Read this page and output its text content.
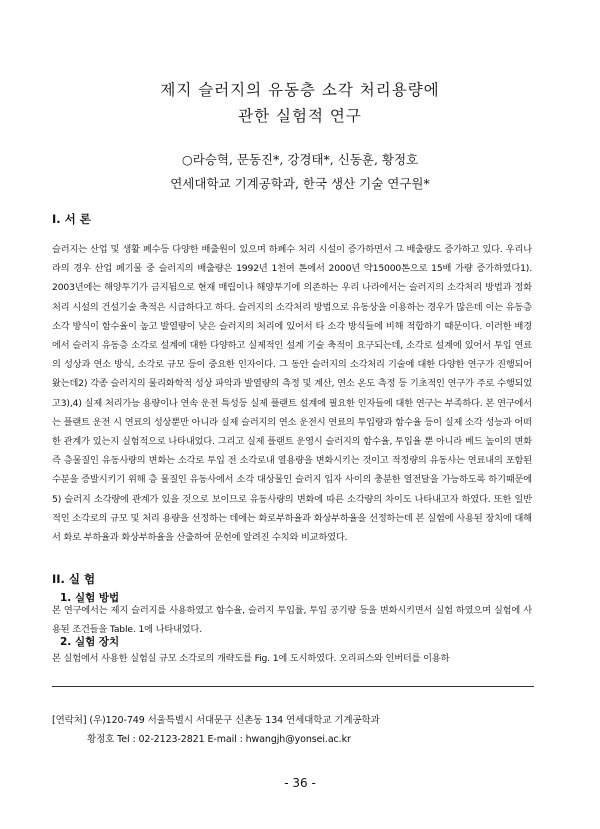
제지 슬러지의 유동층 소각 처리용량에
관한 실험적 연구
○라승혁, 문동진*, 강경태*, 신동훈, 황정호
연세대학교 기계공학과, 한국 생산 기술 연구원*
I. 서 론
슬러지는 산업 및 생활 폐수등 다양한 배출원이 있으며 하폐수 처리 시설이 증가하면서 그 배출량도 증가하고 있다. 우리나라의 경우 산업 폐기물 중 슬러지의 배출량은 1992년 1천여 톤에서 2000년 약15000톤으로 15배 가량 증가하였다1). 2003년에는 해양투기가 금지됨으로 현재 매립이나 해양투기에 의존하는 우리 나라에서는 슬러지의 소각처리 방법과 정화 처리 시설의 건설기술 축적은 시급하다고 하다. 슬러지의 소각처리 방법으로 유동상을 이용하는 경우가 많은데 이는 유동층 소각 방식이 함수율이 높고 발열량이 낮은 슬러지의 처리에 있어서 타 소각 방식들에 비해 적합하기 때문이다. 이러한 배경에서 슬러지 유동층 소각로 설계에 대한 다양하고 실제적인 설계 기술 축적이 요구되는데, 소각로 설계에 있어서 투입 연료의 성상과 연소 방식, 소각로 규모 등이 중요한 인자이다. 그 동안 슬러지의 소각처리 기술에 대한 다양한 연구가 진행되어 왔는데2) 각종 슬러지의 물리화학적 성상 파악과 발열량의 측정 및 계산, 연소 온도 측정 등 기초적인 연구가 주로 수행되었고3),4) 실제 처리가능 용량이나 연속 운전 특성등 실제 플랜트 설계에 필요한 인자들에 대한 연구는 부족하다. 본 연구에서는 플랜트 운전 시 연료의 성상뿐만 아니라 실제 슬러지의 연소 운전시 연료의 투입량과 함수율 등이 실제 소각 성능과 어떠한 관계가 있는지 실험적으로 나타내었다. 그리고 실제 플랜트 운영시 슬러지의 함수율, 투입율 뿐 아니라 베드 높이의 변화 즉 층물질인 유동사량의 변화는 소각로 투입 전 소각로내 열용량을 변화시키는 것이고 적정량의 유동사는 연료내의 포함된 수분을 증발시키기 위해 층 물질인 유동사에서 소각 대상물인 슬러지 입자 사이의 충분한 열전달을 가능하도록 하기때문에5) 슬러지 소각량에 관계가 있을 것으로 보이므로 유동사량의 변화에 따른 소각량의 차이도 나타내고자 하였다. 또한 일반적인 소각로의 규모 및 처리 용량을 선정하는 데에는 화로부하율과 화상부하율을 선정하는데 본 실험에 사용된 장치에 대해서 화로 부하율과 화상부하율을 산출하여 문헌에 알려진 수치와 비교하였다.
II. 실 험
1. 실험 방법
본 연구에서는 제지 슬러지를 사용하였고 함수율, 슬러지 투입률, 투입 공기량 등을 변화시키면서 실험 하였으며 실험에 사용된 조건들을 Table. 1에 나타내었다.
2. 실험 장치
본 실험에서 사용한 실험실 규모 소각로의 개략도를 Fig. 1에 도시하였다. 오리피스와 인버터를 이용하
[연락처] (우)120-749 서울특별시 서대문구 신촌동 134 연세대학교 기계공학과
황정호 Tel : 02-2123-2821 E-mail : hwangjh@yonsei.ac.kr
- 36 -
